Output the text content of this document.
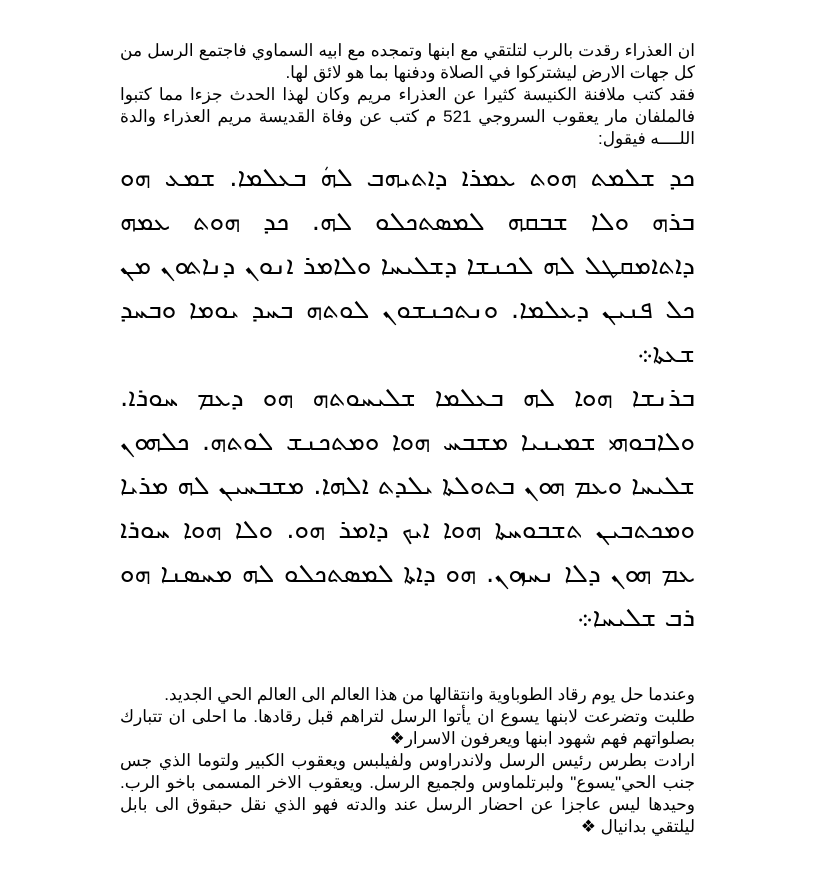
ان العذراء رقدت بالرب لتلتقي مع ابنها وتمجده مع ابيه السماوي فاجتمع الرسل من كل جهات الارض ليشتركوا في الصلاة ودفنها بما هو لائق لها.
فقد كتب ملافنة الكنيسة كثيرا عن العذراء مريم وكان لهذا الحدث جزءا مما كتبوا فالملفان مار يعقوب السروجي 521 م كتب عن وفاة القديسة مريم العذراء والدة اللــــه فيقول:

ܟܕ ܫܠܡܬ ܗܘܬ ܥܡܪܐ ܕܐܬܝܗܒ ܠܗܿ ܒܥܠܡܐ. ܫܡܥ ܗܘ ܒܪܗ ܘܠܐ ܫܒܩܗ ܠܡܣܬܟܠܘ ܠܗ. ܟܕ ܗܘܬ ܥܡܗ ܕܐܬܐܡܩܛܠ ܠܗ ܠܟܢܫܐ ܕܫܠܝܚܐ ܘܠܐܡܪ ܐܢܘܢ ܕܢܐܬܘܢ ܡܢ ܟܠ ܦܢܝܢ ܕܥܠܡܐ. ܘܢܬܟܢܫܘܢ ܠܘܬܗ ܒܚܕ ܝܘܡܐ ܘܒܚܕ ܫܥܬܐ܀
ܒܪܢܫܐ ܗܘܐ ܠܗ ܒܥܠܡܐ ܫܠܝܚܘܬܗ ܗܘ ܕܥܡ ܚܘܪܐ. ܘܠܐܒܘܗܝ ܫܡܝܢܝܐ ܡܫܒܚ ܗܘܐ ܘܡܬܟܢܫ ܠܘܬܗ. ܟܠܗܘܢ ܫܠܝܚܐ ܘܥܡ ܗܘܢ ܒܬܘܠܬܐ ܝܠܕܬ ܐܠܗܐ. ܡܫܒܚܝܢ ܠܗ ܡܪܝܐ ܘܡܟܬܒܝܢ ܬܫܒܘܚܬܐ ܗܘܐ ܐܝܟ ܕܐܡܪ ܗܘ. ܘܠܐ ܗܘܐ ܚܘܪܐ ܥܡ ܗܘܢ ܕܠܐ ܢܚܙܘܢ. ܗܘ ܕܐܬܐ ܠܡܣܬܟܠܘ ܠܗ ܡܚܣܢܐ ܗܘ ܪܒ ܫܠܝܚܐ܀

وعندما حل يوم رقاد الطوباوية وانتقالها من هذا العالم الى العالم الحي الجديد.
طلبت وتضرعت لابنها يسوع ان يأتوا الرسل لتراهم قبل رقادها. ما احلى ان تتبارك بصلواتهم فهم شهود ابنها ويعرفون الاسرار❖
ارادت بطرس رئيس الرسل ولاندراوس ولفيلبس ويعقوب الكبير ولتوما الذي جس جنب الحي"يسوع" ولبرتلماوس ولجميع الرسل. ويعقوب الاخر المسمى باخو الرب. وحيدها ليس عاجزا عن احضار الرسل عند والدته فهو الذي نقل حبقوق الى بابل ليلتقي بدانيال ❖
